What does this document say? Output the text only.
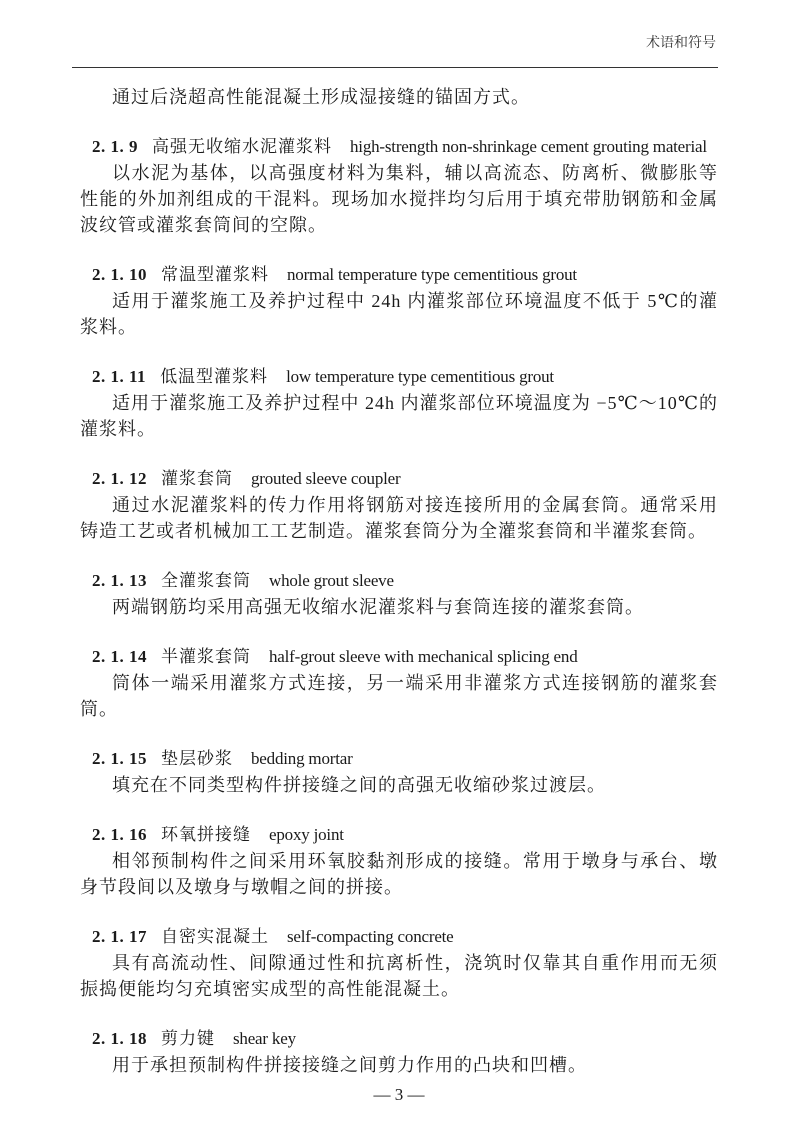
术语和符号

通过后浇超高性能混凝土形成湿接缝的锚固方式。

2. 1. 9 高强无收缩水泥灌浆料 high-strength non-shrinkage cement grouting material

以水泥为基体，以高强度材料为集料，辅以高流态、防离析、微膨胀等性能的外加剂组成的干混料。现场加水搅拌均匀后用于填充带肋钢筋和金属波纹管或灌浆套筒间的空隙。

2. 1. 10 常温型灌浆料 normal temperature type cementitious grout

适用于灌浆施工及养护过程中 24h 内灌浆部位环境温度不低于 5℃的灌浆料。

2. 1. 11 低温型灌浆料 low temperature type cementitious grout

适用于灌浆施工及养护过程中 24h 内灌浆部位环境温度为 −5℃～10℃的灌浆料。

2. 1. 12 灌浆套筒 grouted sleeve coupler

通过水泥灌浆料的传力作用将钢筋对接连接所用的金属套筒。通常采用铸造工艺或者机械加工工艺制造。灌浆套筒分为全灌浆套筒和半灌浆套筒。

2. 1. 13 全灌浆套筒 whole grout sleeve

两端钢筋均采用高强无收缩水泥灌浆料与套筒连接的灌浆套筒。

2. 1. 14 半灌浆套筒 half-grout sleeve with mechanical splicing end

筒体一端采用灌浆方式连接，另一端采用非灌浆方式连接钢筋的灌浆套筒。

2. 1. 15 垫层砂浆 bedding mortar

填充在不同类型构件拼接缝之间的高强无收缩砂浆过渡层。

2. 1. 16 环氧拼接缝 epoxy joint

相邻预制构件之间采用环氧胶黏剂形成的接缝。常用于墩身与承台、墩身节段间以及墩身与墩帽之间的拼接。

2. 1. 17 自密实混凝土 self-compacting concrete

具有高流动性、间隙通过性和抗离析性，浇筑时仅靠其自重作用而无须振捣便能均匀充填密实成型的高性能混凝土。

2. 1. 18 剪力键 shear key

用于承担预制构件拼接接缝之间剪力作用的凸块和凹槽。

— 3 —
